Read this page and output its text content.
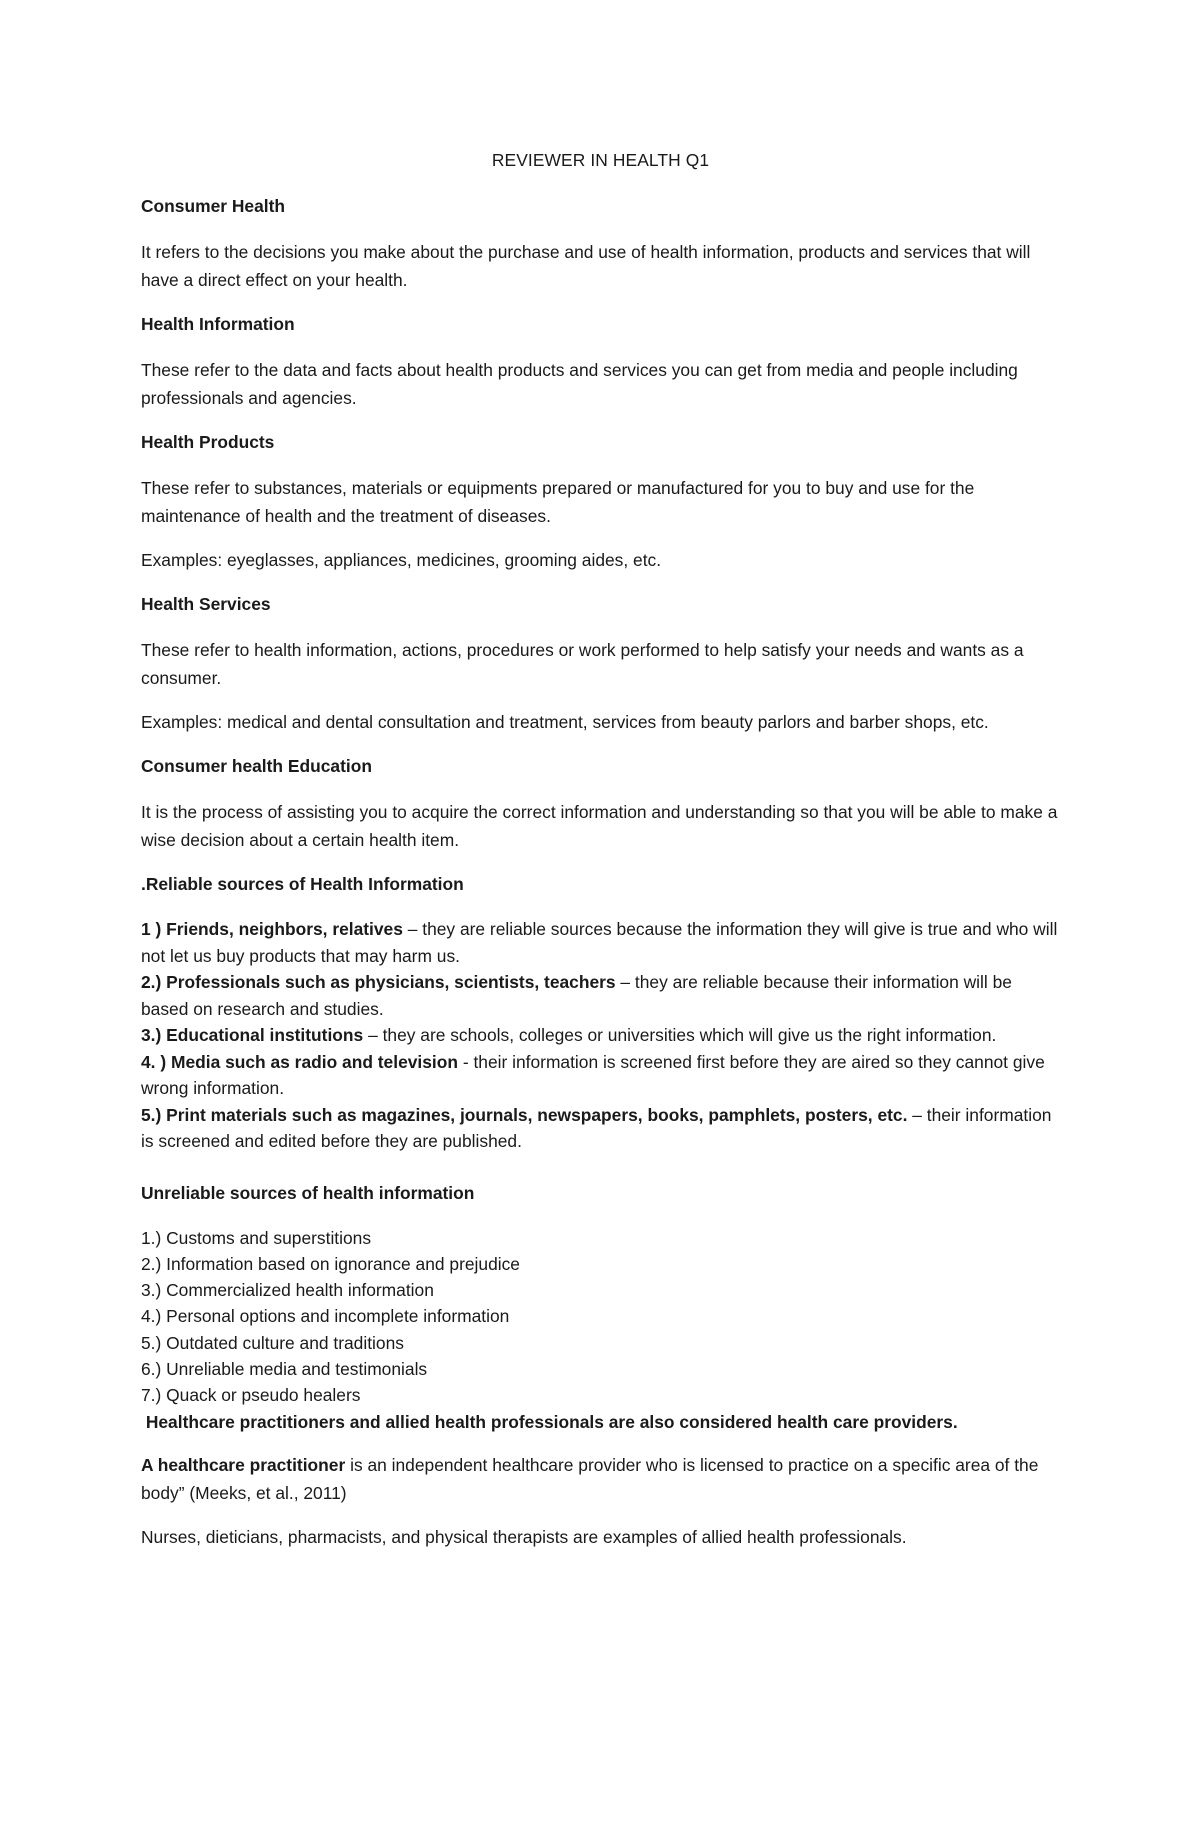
REVIEWER IN HEALTH Q1
Consumer Health

It refers to the decisions you make about the purchase and use of health information, products and services that will have a direct effect on your health.

Health Information

These refer to the data and facts about health products and services you can get from media and people including professionals and agencies.

Health Products

These refer to substances, materials or equipments prepared or manufactured for you to buy and use for the maintenance of health and the treatment of diseases.

Examples: eyeglasses, appliances, medicines, grooming aides, etc.

Health Services

These refer to health information, actions, procedures or work performed to help satisfy your needs and wants as a consumer.

Examples: medical and dental consultation and treatment, services from beauty parlors and barber shops, etc.

Consumer health Education

It is the process of assisting you to acquire the correct information and understanding so that you will be able to make a wise decision about a certain health item.

.Reliable sources of Health Information
1 ) Friends, neighbors, relatives – they are reliable sources because the information they will give is true and who will not let us buy products that may harm us.
2.) Professionals such as physicians, scientists, teachers – they are reliable because their information will be based on research and studies.
3.) Educational institutions – they are schools, colleges or universities which will give us the right information.
4. ) Media such as radio and television - their information is screened first before they are aired so they cannot give wrong information.
5.) Print materials such as magazines, journals, newspapers, books, pamphlets, posters, etc. – their information is screened and edited before they are published.
Unreliable sources of health information
1.) Customs and superstitions
2.) Information based on ignorance and prejudice
3.) Commercialized health information
4.) Personal options and incomplete information
5.) Outdated culture and traditions
6.) Unreliable media and testimonials
7.) Quack or pseudo healers
Healthcare practitioners and allied health professionals are also considered health care providers.

A healthcare practitioner is an independent healthcare provider who is licensed to practice on a specific area of the body” (Meeks, et al., 2011)

Nurses, dieticians, pharmacists, and physical therapists are examples of allied health professionals.
